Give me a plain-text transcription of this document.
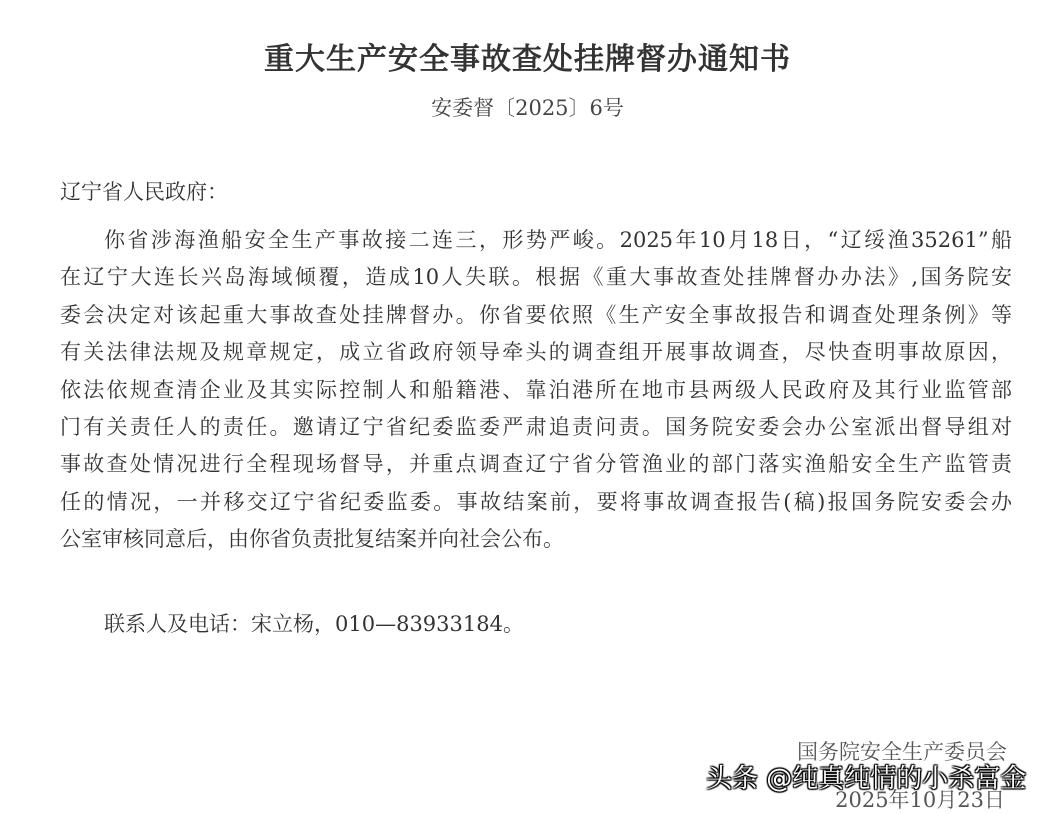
重大生产安全事故查处挂牌督办通知书
安委督〔2025〕6号
辽宁省人民政府：
你省涉海渔船安全生产事故接二连三，形势严峻。2025年10月18日，“辽绥渔35261”船
在辽宁大连长兴岛海域倾覆，造成10人失联。根据《重大事故查处挂牌督办办法》,国务院安
委会决定对该起重大事故查处挂牌督办。你省要依照《生产安全事故报告和调查处理条例》等
有关法律法规及规章规定，成立省政府领导牵头的调查组开展事故调查，尽快查明事故原因，
依法依规查清企业及其实际控制人和船籍港、靠泊港所在地市县两级人民政府及其行业监管部
门有关责任人的责任。邀请辽宁省纪委监委严肃追责问责。国务院安委会办公室派出督导组对
事故查处情况进行全程现场督导，并重点调查辽宁省分管渔业的部门落实渔船安全生产监管责
任的情况，一并移交辽宁省纪委监委。事故结案前，要将事故调查报告(稿)报国务院安委会办
公室审核同意后，由你省负责批复结案并向社会公布。
联系人及电话：宋立杨，010—83933184。
国务院安全生产委员会
2025年10月23日
头条 @纯真纯情的小杀富金
